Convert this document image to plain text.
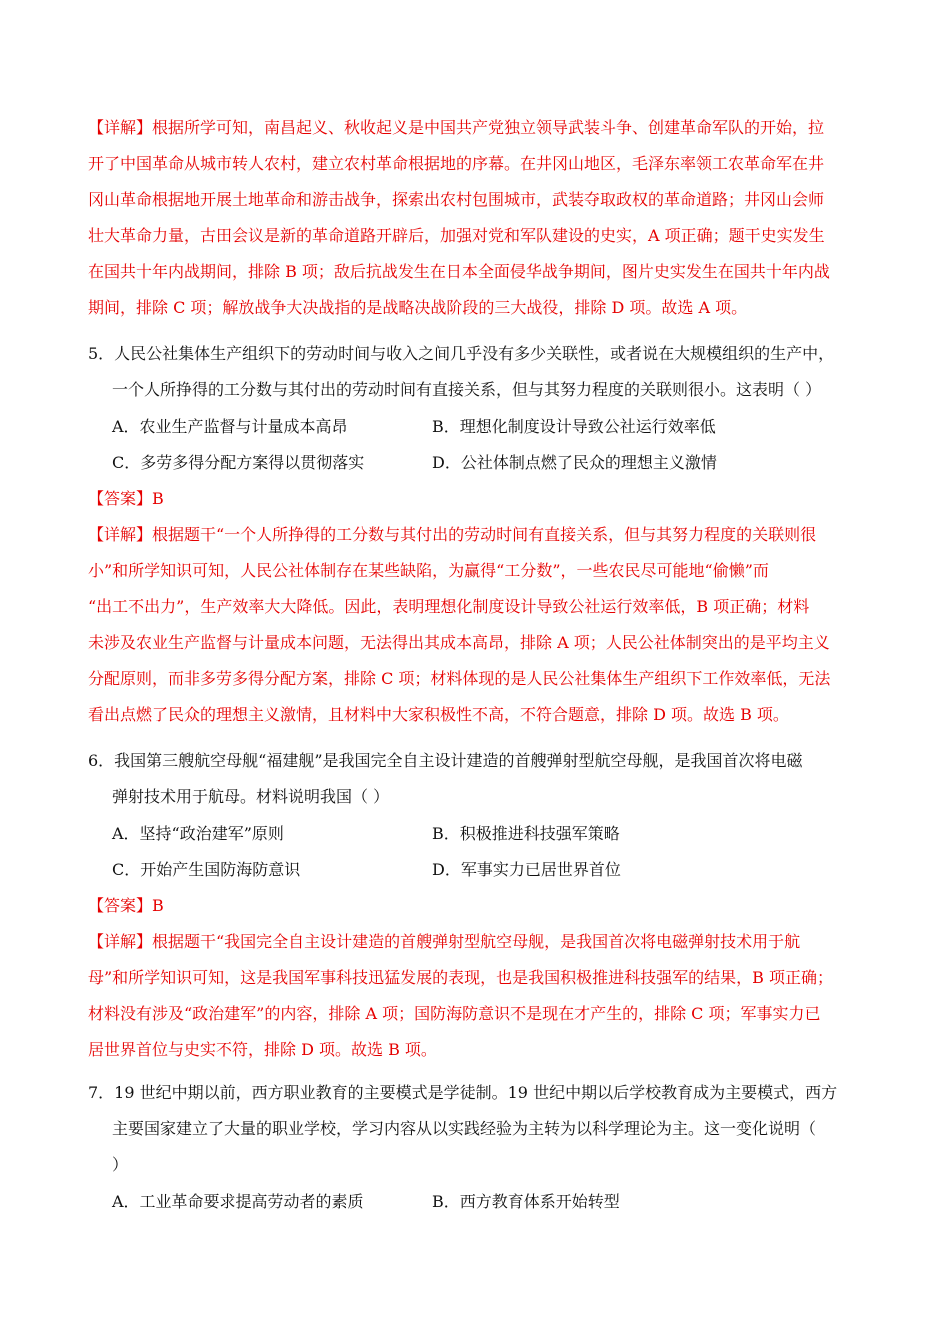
【详解】根据所学可知，南昌起义、秋收起义是中国共产党独立领导武装斗争、创建革命军队的开始，拉
开了中国革命从城市转人农村，建立农村革命根据地的序幕。在井冈山地区，毛泽东率领工农革命军在井
冈山革命根据地开展土地革命和游击战争，探索出农村包围城市，武装夺取政权的革命道路；井冈山会师
壮大革命力量，古田会议是新的革命道路开辟后，加强对党和军队建设的史实，A 项正确；题干史实发生
在国共十年内战期间，排除 B 项；敌后抗战发生在日本全面侵华战争期间，图片史实发生在国共十年内战
期间，排除 C 项；解放战争大决战指的是战略决战阶段的三大战役，排除 D 项。故选 A 项。
5．人民公社集体生产组织下的劳动时间与收入之间几乎没有多少关联性，或者说在大规模组织的生产中，
一个人所挣得的工分数与其付出的劳动时间有直接关系，但与其努力程度的关联则很小。这表明（ ）
A．农业生产监督与计量成本高昂	B．理想化制度设计导致公社运行效率低
C．多劳多得分配方案得以贯彻落实	D．公社体制点燃了民众的理想主义激情
【答案】B
【详解】根据题干“一个人所挣得的工分数与其付出的劳动时间有直接关系，但与其努力程度的关联则很
小”和所学知识可知，人民公社体制存在某些缺陷，为赢得“工分数”，一些农民尽可能地“偷懒”而
“出工不出力”，生产效率大大降低。因此，表明理想化制度设计导致公社运行效率低，B 项正确；材料
未涉及农业生产监督与计量成本问题，无法得出其成本高昂，排除 A 项；人民公社体制突出的是平均主义
分配原则，而非多劳多得分配方案，排除 C 项；材料体现的是人民公社集体生产组织下工作效率低，无法
看出点燃了民众的理想主义激情，且材料中大家积极性不高，不符合题意，排除 D 项。故选 B 项。
6．我国第三艘航空母舰“福建舰”是我国完全自主设计建造的首艘弹射型航空母舰，是我国首次将电磁
弹射技术用于航母。材料说明我国（ ）
A．坚持“政治建军”原则	B．积极推进科技强军策略
C．开始产生国防海防意识	D．军事实力已居世界首位
【答案】B
【详解】根据题干“我国完全自主设计建造的首艘弹射型航空母舰，是我国首次将电磁弹射技术用于航
母”和所学知识可知，这是我国军事科技迅猛发展的表现，也是我国积极推进科技强军的结果，B 项正确；
材料没有涉及“政治建军”的内容，排除 A 项；国防海防意识不是现在才产生的，排除 C 项；军事实力已
居世界首位与史实不符，排除 D 项。故选 B 项。
7．19 世纪中期以前，西方职业教育的主要模式是学徒制。19 世纪中期以后学校教育成为主要模式，西方
主要国家建立了大量的职业学校，学习内容从以实践经验为主转为以科学理论为主。这一变化说明（
）
A．工业革命要求提高劳动者的素质	B．西方教育体系开始转型
